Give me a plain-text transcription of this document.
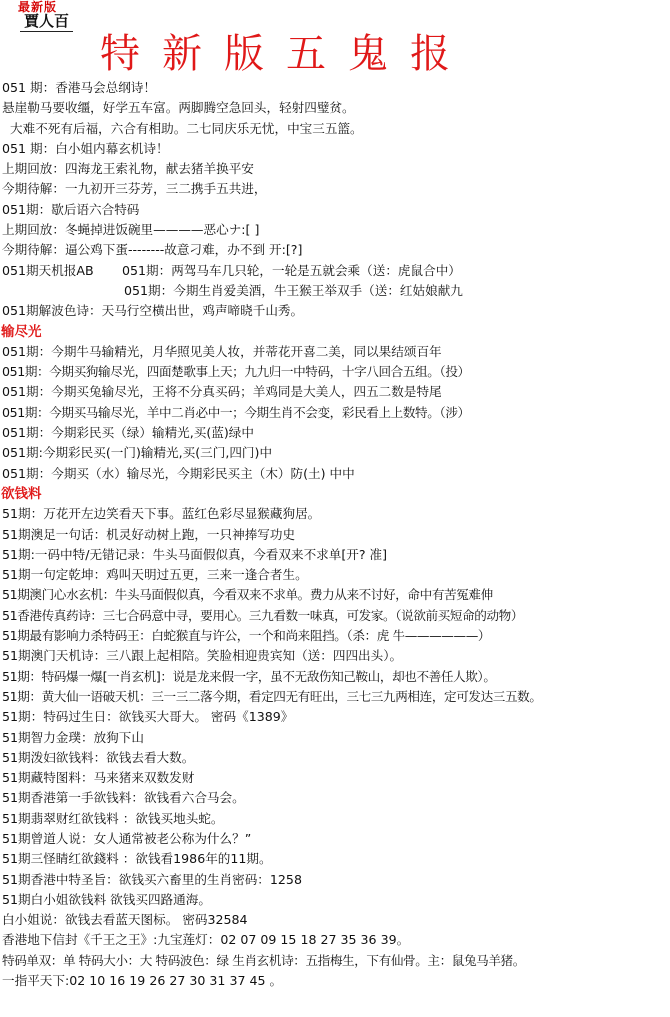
最新版
賈人百
特新版五鬼报
051 期：香港马会总纲诗！
悬崖勒马要收缰，好学五车富。两脚腾空急回头，轻射四璧贫。
大难不死有后福，六合有相助。二七同庆乐无忧，中宝三五篮。
051 期：白小姐内幕玄机诗！
上期回放：四海龙王索礼物，献去猪羊换平安
今期待解：一九初开三芬芳，三二携手五共进，
051期：歇后语六合特码
上期回放：冬蝇掉进饭碗里————恶心ナ:[ ]
今期待解：逼公鸡下蛋--------故意刁难，办不到 开:[?]
051期天机报AB	051期：两驾马车几只轮，一轮是五就会乘（送：虎鼠合中）
051期：今期生肖爱美酒，牛王猴王举双手（送：红姑娘献九
051期解波色诗：天马行空横出世，鸡声啼晓千山秀。
输尽光
051期：今期牛马输精光，月华照见美人妆，并蒂花开喜二美，同以果结颂百年
051期：今期买狗输尽光，四面楚歌事上天；九九归一中特码，十字八回合五组。（投）
051期：今期买兔输尽光，王将不分真买码；羊鸡同是大美人，四五二数是特尾
051期：今期买马输尽光，羊中二肖必中一；今期生肖不会变，彩民看上上数特。（涉）
051期：今期彩民买（绿）输精光,买(蓝)绿中
051期:今期彩民买(一门)输精光,买(三门,四门)中
051期：今期买（水）输尽光，今期彩民买主（木）防(土) 中中
欲钱料
51期：万花开左边笑看天下事。蓝红色彩尽显猴藏狗居。
51期澳足一句话：机灵好动树上跑，一只神捧写功史
51期:一码中特/无错记录：牛头马面假似真，今看双来不求单[开? 准]
51期一句定乾坤：鸡叫天明过五更，三来一逢合者生。
51期澳门心水玄机：牛头马面假似真，今看双来不求单。费力从来不讨好，命中有苦冤难伸
51香港传真药诗：三七合码意中寻，要用心。三九看数一味真，可发家。（说欲前买短命的动物）
51期最有影响力杀特码王：白蛇猴直与许公，一个和尚来阻挡。（杀：虎 牛——————）
51期澳门天机诗：三八跟上起相陪。笑脸相迎贵宾知（送：四四出头）。
51期：特码爆一爆[一肖玄机]：说是龙来假一字，虽不无敌伤知己鞍山，却也不善任人欺）。
51期：黄大仙一语破天机：三一三二落今期，看定四无有旺出，三七三九两相连，定可发达三五数。
51期：特码过生日：欲钱买大哥大。 密码《1389》
51期智力金璞：放狗下山
51期泼妇欲钱料：欲钱去看大数。
51期藏特图料：马来猪来双数发财
51期香港第一手欲钱料：欲钱看六合马会。
51期翡翠财红欲钱料 ：欲钱买地头蛇。
51期曾道人说：女人通常被老公称为什么？”
51期三怪睛红欲錢料 ：欲钱看1986年的11期。
51期香港中特圣旨：欲钱买六畜里的生肖密码：1258
51期白小姐欲钱料 欲钱买四路通海。
白小姐说：欲钱去看蓝天图标。 密码32584
香港地下信封《千王之王》:九宝莲灯：02 07 09 15 18 27 35 36 39。
特码单双：单 特码大小：大 特码波色：绿 生肖玄机诗：五指梅生，下有仙骨。主：鼠兔马羊猪。
一指平天下:02 10 16 19 26 27 30 31 37 45 。
